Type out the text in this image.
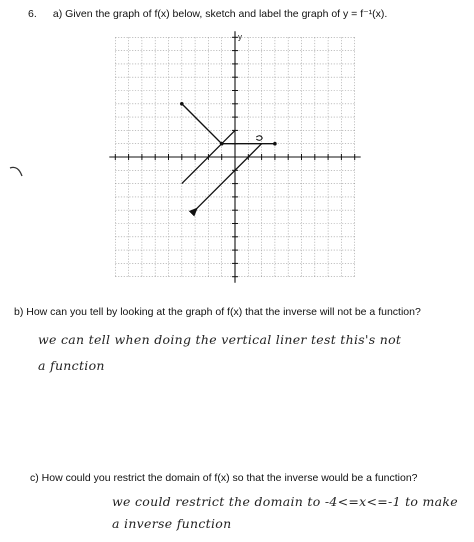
6. a) Given the graph of f(x) below, sketch and label the graph of y = f⁻¹(x).
y
b) How can you tell by looking at the graph of f(x) that the inverse will not be a function?
we can tell when doing the vertical liner test this's not
a function
c) How could you restrict the domain of f(x) so that the inverse would be a function?
we could restrict the domain to -4<=x<=-1 to make
a inverse function
